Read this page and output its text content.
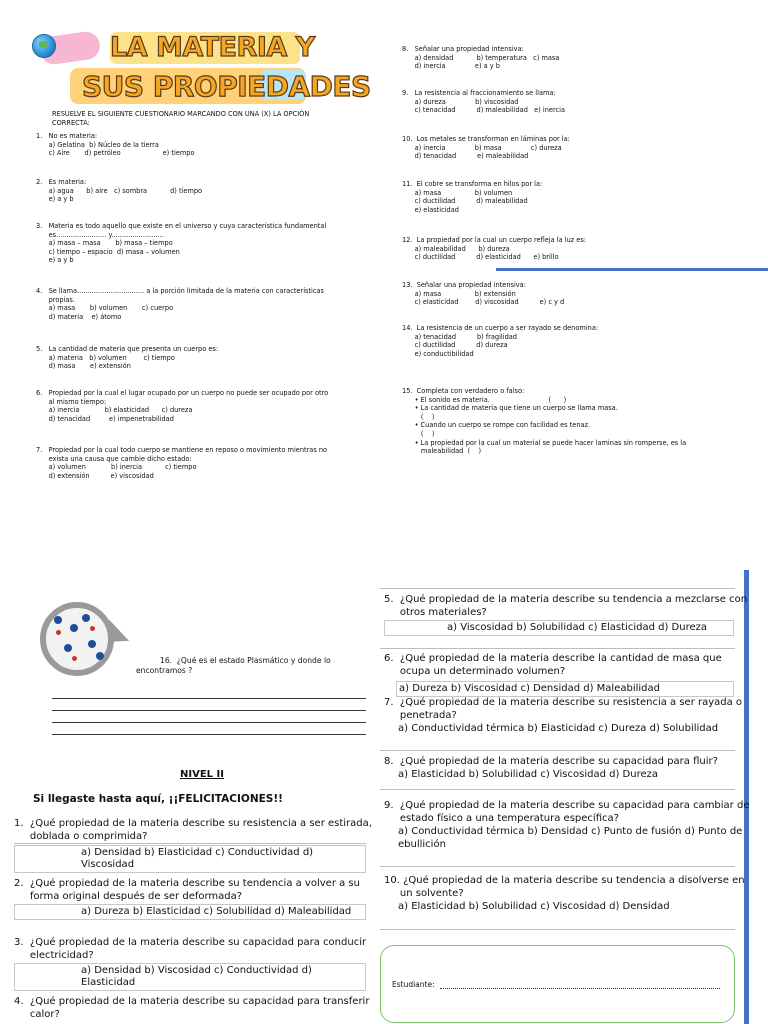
LA MATERIA Y
SUS PROPIEDADES
RESUELVE EL SIGUIENTE CUESTIONARIO MARCANDO CON UNA (X) LA OPCIÓN
CORRECTA:
1.   No es materia:
a) Gelatina  b) Núcleo de la tierra
c) Aire       d) petróleo                    e) tiempo
2.   Es materia:
a) agua      b) aire   c) sombra           d) tiempo
e) a y b
3.   Materia es todo aquello que existe en el universo y cuya característica fundamental
es........................ y.........................
a) masa – masa       b) masa – tiempo
c) tiempo – espacio  d) masa – volumen
e) a y b
4.   Se llama................................ a la porción limitada de la materia con características
propias.
a) masa       b) volumen       c) cuerpo
d) materia    e) átomo
5.   La cantidad de materia que presenta un cuerpo es:
a) materia   b) volumen        c) tiempo
d) masa       e) extensión
6.   Propiedad por la cual el lugar ocupado por un cuerpo no puede ser ocupado por otro
al mismo tiempo:
a) inercia            b) elasticidad      c) dureza
d) tenacidad         e) impenetrabilidad
7.   Propiedad por la cual todo cuerpo se mantiene en reposo o movimiento mientras no
exista una causa que cambie dicho estado:
a) volumen            b) inercia           c) tiempo
d) extensión          e) viscosidad
8.   Señalar una propiedad intensiva:
a) densidad           b) temperatura   c) masa
d) inercia              e) a y b
9.   La resistencia al fraccionamiento se llama:
a) dureza              b) viscosidad
c) tenacidad          d) maleabilidad   e) inercia
10.  Los metales se transforman en láminas por la:
a) inercia              b) masa              c) dureza
d) tenacidad          e) maleabilidad
11.  El cobre se transforma en hilos por la:
a) masa                b) volumen
c) ductilidad          d) maleabilidad
e) elasticidad
12.  La propiedad por la cual un cuerpo refleja la luz es:
a) maleabilidad      b) dureza
c) ductilidad          d) elasticidad      e) brillo
13.  Señalar una propiedad intensiva:
a) masa                b) extensión
c) elasticidad        d) viscosidad          e) c y d
14.  La resistencia de un cuerpo a ser rayado se denomina:
a) tenacidad          b) fragilidad
c) ductilidad          d) dureza
e) conductibilidad
15.  Completa con verdadero o falso:
• El sonido es materia.                            (      )
• La cantidad de materia que tiene un cuerpo se llama masa.
(    )
• Cuando un cuerpo se rompe con facilidad es tenaz.
(    )
• La propiedad por la cual un material se puede hacer laminas sin romperse, es la
maleabilidad  (    )
16.  ¿Qué es el estado Plasmático y donde lo
encontramos ?
NIVEL II
Si llegaste hasta aquí, ¡¡FELICITACIONES!!
1.  ¿Qué propiedad de la materia describe su resistencia a ser estirada,
doblada o comprimida?
a) Densidad b) Elasticidad c) Conductividad d) Viscosidad
2.  ¿Qué propiedad de la materia describe su tendencia a volver a su
forma original después de ser deformada?
a) Dureza b) Elasticidad c) Solubilidad d) Maleabilidad
3.  ¿Qué propiedad de la materia describe su capacidad para conducir
electricidad?
a) Densidad b) Viscosidad c) Conductividad d) Elasticidad
4.  ¿Qué propiedad de la materia describe su capacidad para transferir
calor?
5.  ¿Qué propiedad de la materia describe su tendencia a mezclarse con
otros materiales?
a) Viscosidad b) Solubilidad c) Elasticidad d) Dureza
6.  ¿Qué propiedad de la materia describe la cantidad de masa que
ocupa un determinado volumen?
a) Dureza b) Viscosidad c) Densidad d) Maleabilidad
7.  ¿Qué propiedad de la materia describe su resistencia a ser rayada o
penetrada?
a) Conductividad térmica b) Elasticidad c) Dureza d) Solubilidad
8.  ¿Qué propiedad de la materia describe su capacidad para fluir?
a) Elasticidad b) Solubilidad c) Viscosidad d) Dureza
9.  ¿Qué propiedad de la materia describe su capacidad para cambiar de
estado físico a una temperatura específica?
a) Conductividad térmica b) Densidad c) Punto de fusión d) Punto de
ebullición
10. ¿Qué propiedad de la materia describe su tendencia a disolverse en
un solvente?
a) Elasticidad b) Solubilidad c) Viscosidad d) Densidad
Estudiante:
